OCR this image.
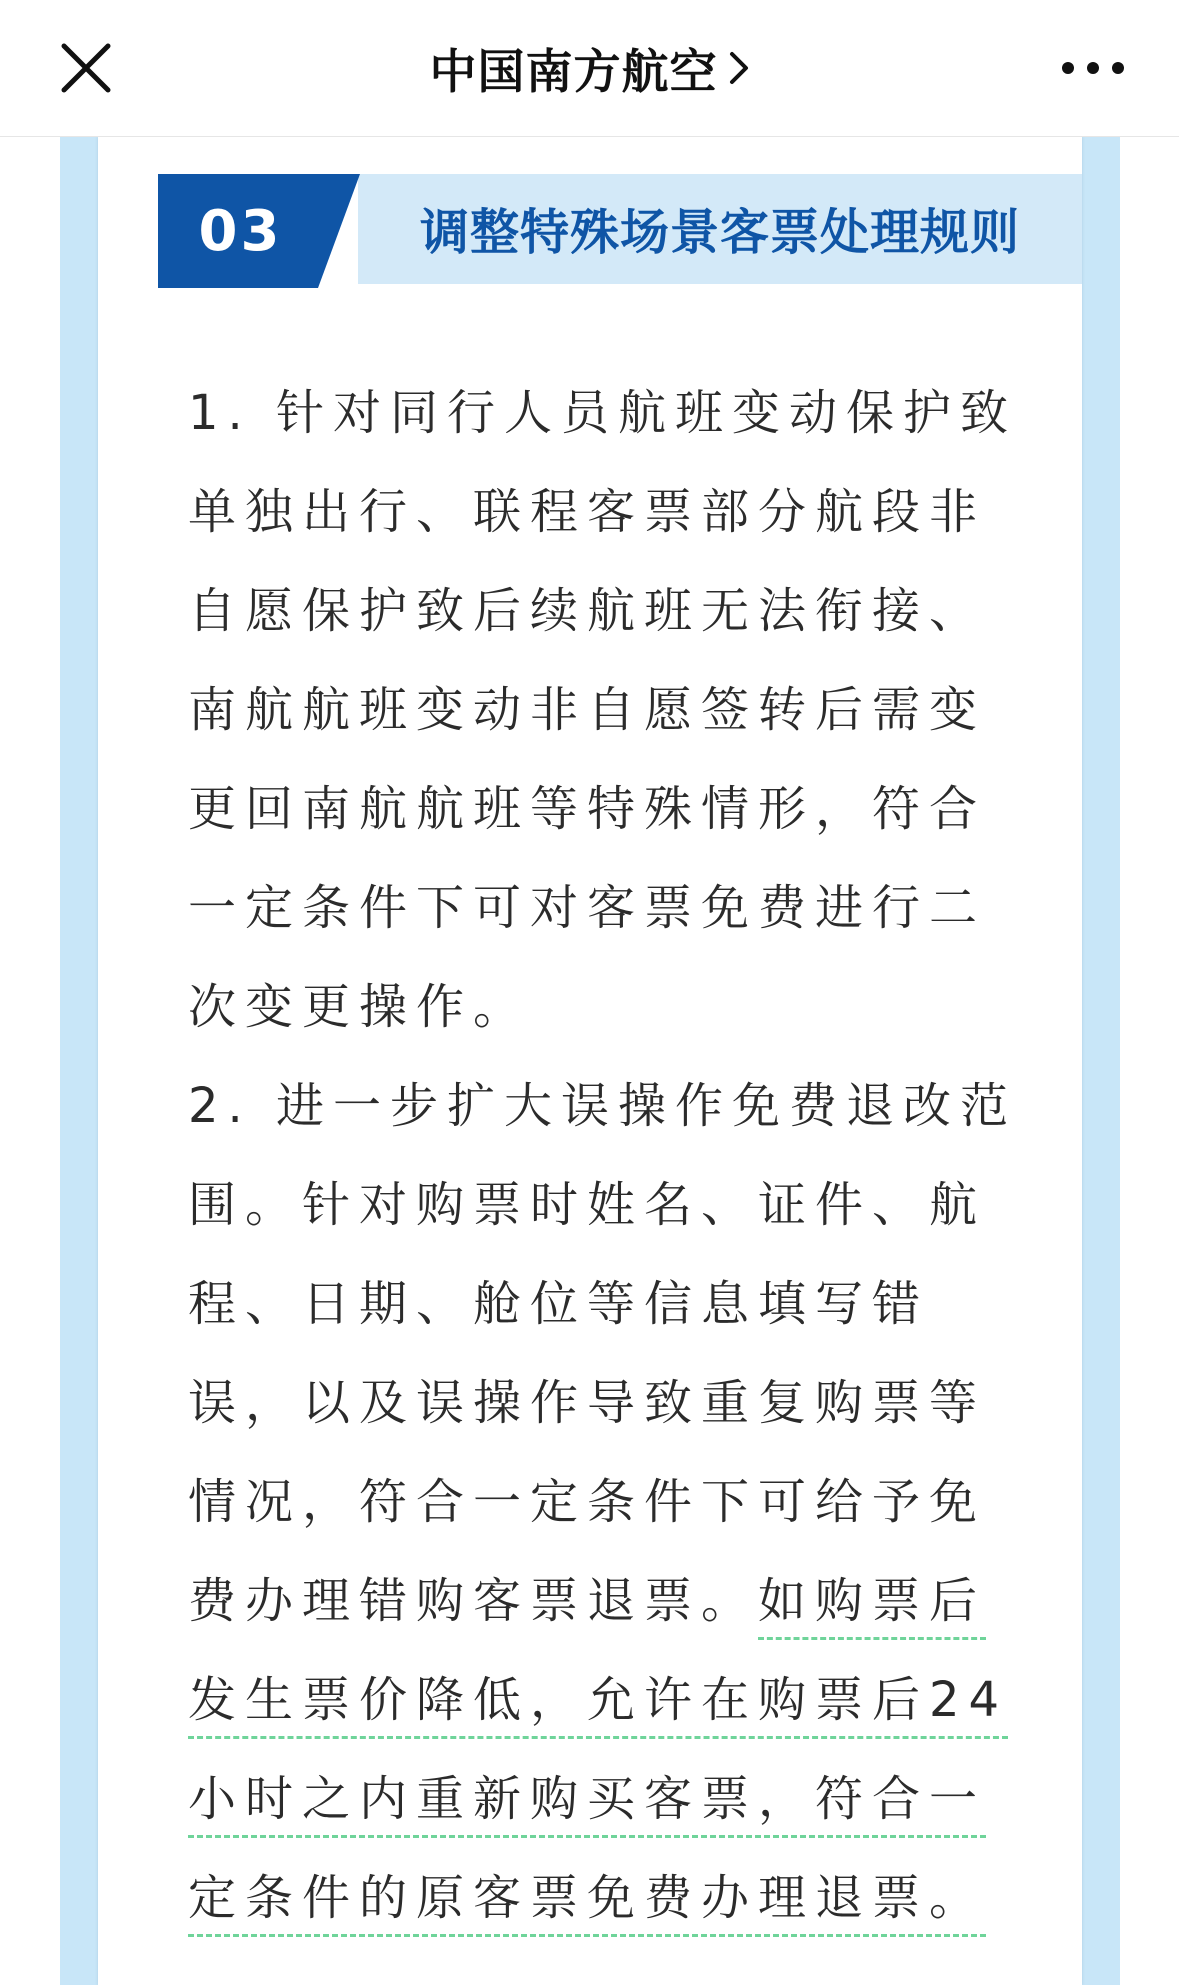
中国南方航空
03	调整特殊场景客票处理规则
1. 针对同行人员航班变动保护致
单独出行、联程客票部分航段非
自愿保护致后续航班无法衔接、
南航航班变动非自愿签转后需变
更回南航航班等特殊情形，符合
一定条件下可对客票免费进行二
次变更操作。
2. 进一步扩大误操作免费退改范
围。针对购票时姓名、证件、航
程、日期、舱位等信息填写错
误，以及误操作导致重复购票等
情况，符合一定条件下可给予免
费办理错购客票退票。如购票后
发生票价降低，允许在购票后24
小时之内重新购买客票，符合一
定条件的原客票免费办理退票。
